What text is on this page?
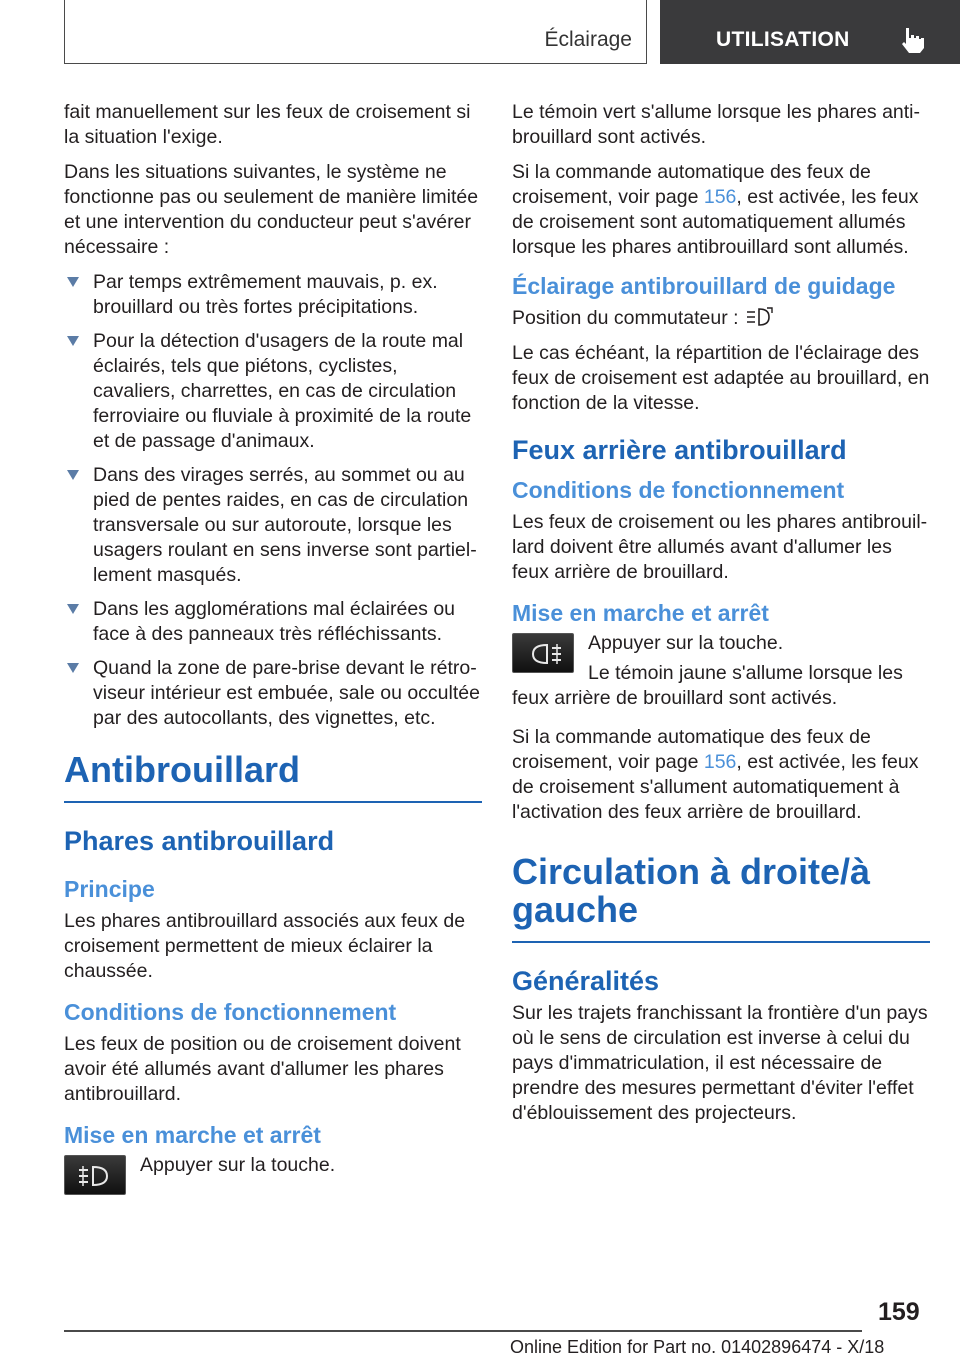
Éclairage	UTILISATION

fait manuellement sur les feux de croisement si la situation l'exige.

Dans les situations suivantes, le système ne fonctionne pas ou seulement de manière limitée et une intervention du conducteur peut s'avérer nécessaire :

Par temps extrêmement mauvais, p. ex. brouillard ou très fortes précipitations.
Pour la détection d'usagers de la route mal éclairés, tels que piétons, cyclistes, cavaliers, charrettes, en cas de circulation ferroviaire ou fluviale à proximité de la route et de passage d'animaux.
Dans des virages serrés, au sommet ou au pied de pentes raides, en cas de circulation transversale ou sur autoroute, lorsque les usagers roulant en sens inverse sont partiellement masqués.
Dans les agglomérations mal éclairées ou face à des panneaux très réfléchissants.
Quand la zone de pare-brise devant le rétroviseur intérieur est embuée, sale ou occultée par des autocollants, des vignettes, etc.
Antibrouillard
Phares antibrouillard
Principe

Les phares antibrouillard associés aux feux de croisement permettent de mieux éclairer la chaussée.

Conditions de fonctionnement

Les feux de position ou de croisement doivent avoir été allumés avant d'allumer les phares antibrouillard.

Mise en marche et arrêt

Appuyer sur la touche.

Le témoin vert s'allume lorsque les phares antibrouillard sont activés.

Si la commande automatique des feux de croisement, voir page 156, est activée, les feux de croisement sont automatiquement allumés lorsque les phares antibrouillard sont allumés.

Éclairage antibrouillard de guidage

Position du commutateur :

Le cas échéant, la répartition de l'éclairage des feux de croisement est adaptée au brouillard, en fonction de la vitesse.

Feux arrière antibrouillard
Conditions de fonctionnement

Les feux de croisement ou les phares antibrouillard doivent être allumés avant d'allumer les feux arrière de brouillard.

Mise en marche et arrêt

Appuyer sur la touche.

Le témoin jaune s'allume lorsque les feux arrière de brouillard sont activés.

Si la commande automatique des feux de croisement, voir page 156, est activée, les feux de croisement s'allument automatiquement à l'activation des feux arrière de brouillard.

Circulation à droite/à gauche
Généralités

Sur les trajets franchissant la frontière d'un pays où le sens de circulation est inverse à celui du pays d'immatriculation, il est nécessaire de prendre des mesures permettant d'éviter l'effet d'éblouissement des projecteurs.

159
Online Edition for Part no. 01402896474 - X/18
